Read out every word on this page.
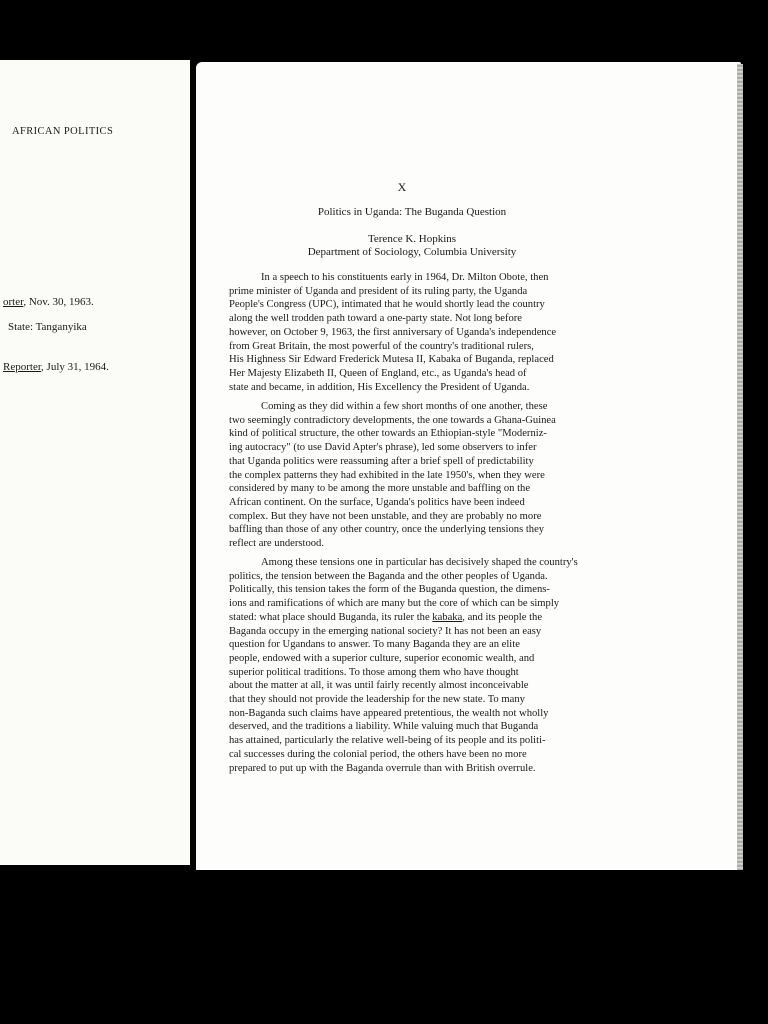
AFRICAN POLITICS
orter, Nov. 30, 1963.
State: Tanganyika
Reporter, July 31, 1964.
X
Politics in Uganda: The Buganda Question
Terence K. Hopkins
Department of Sociology, Columbia University
In a speech to his constituents early in 1964, Dr. Milton Obote, then
prime minister of Uganda and president of its ruling party, the Uganda
People's Congress (UPC), intimated that he would shortly lead the country
along the well trodden path toward a one-party state. Not long before
however, on October 9, 1963, the first anniversary of Uganda's independence
from Great Britain, the most powerful of the country's traditional rulers,
His Highness Sir Edward Frederick Mutesa II, Kabaka of Buganda, replaced
Her Majesty Elizabeth II, Queen of England, etc., as Uganda's head of
state and became, in addition, His Excellency the President of Uganda.
Coming as they did within a few short months of one another, these
two seemingly contradictory developments, the one towards a Ghana-Guinea
kind of political structure, the other towards an Ethiopian-style "Moderniz-
ing autocracy" (to use David Apter's phrase), led some observers to infer
that Uganda politics were reassuming after a brief spell of predictability
the complex patterns they had exhibited in the late 1950's, when they were
considered by many to be among the more unstable and baffling on the
African continent. On the surface, Uganda's politics have been indeed
complex. But they have not been unstable, and they are probably no more
baffling than those of any other country, once the underlying tensions they
reflect are understood.
Among these tensions one in particular has decisively shaped the country's
politics, the tension between the Baganda and the other peoples of Uganda.
Politically, this tension takes the form of the Buganda question, the dimens-
ions and ramifications of which are many but the core of which can be simply
stated: what place should Buganda, its ruler the kabaka, and its people the
Baganda occupy in the emerging national society? It has not been an easy
question for Ugandans to answer. To many Baganda they are an elite
people, endowed with a superior culture, superior economic wealth, and
superior political traditions. To those among them who have thought
about the matter at all, it was until fairly recently almost inconceivable
that they should not provide the leadership for the new state. To many
non-Baganda such claims have appeared pretentious, the wealth not wholly
deserved, and the traditions a liability. While valuing much that Buganda
has attained, particularly the relative well-being of its people and its politi-
cal successes during the colonial period, the others have been no more
prepared to put up with the Baganda overrule than with British overrule.
